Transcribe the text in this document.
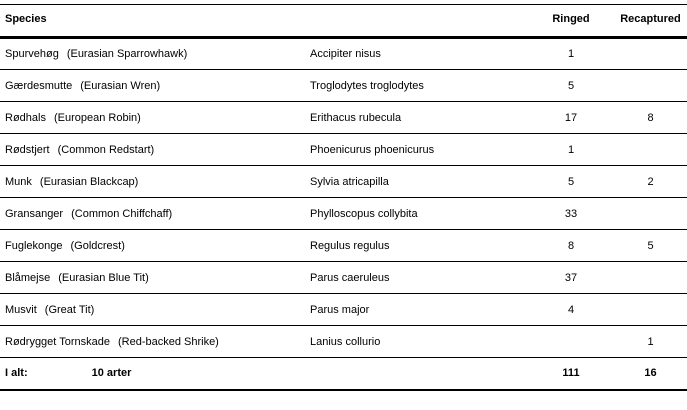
Species		Ringed	Recaptured
Spurvehøg (Eurasian Sparrowhawk)	Accipiter nisus	1	
Gærdesmutte (Eurasian Wren)	Troglodytes troglodytes	5	
Rødhals (European Robin)	Erithacus rubecula	17	8
Rødstjert (Common Redstart)	Phoenicurus phoenicurus	1	
Munk (Eurasian Blackcap)	Sylvia atricapilla	5	2
Gransanger (Common Chiffchaff)	Phylloscopus collybita	33	
Fuglekonge (Goldcrest)	Regulus regulus	8	5
Blåmejse (Eurasian Blue Tit)	Parus caeruleus	37	
Musvit (Great Tit)	Parus major	4	
Rødrygget Tornskade (Red-backed Shrike)	Lanius collurio		1
I alt: 10 arter		111	16
